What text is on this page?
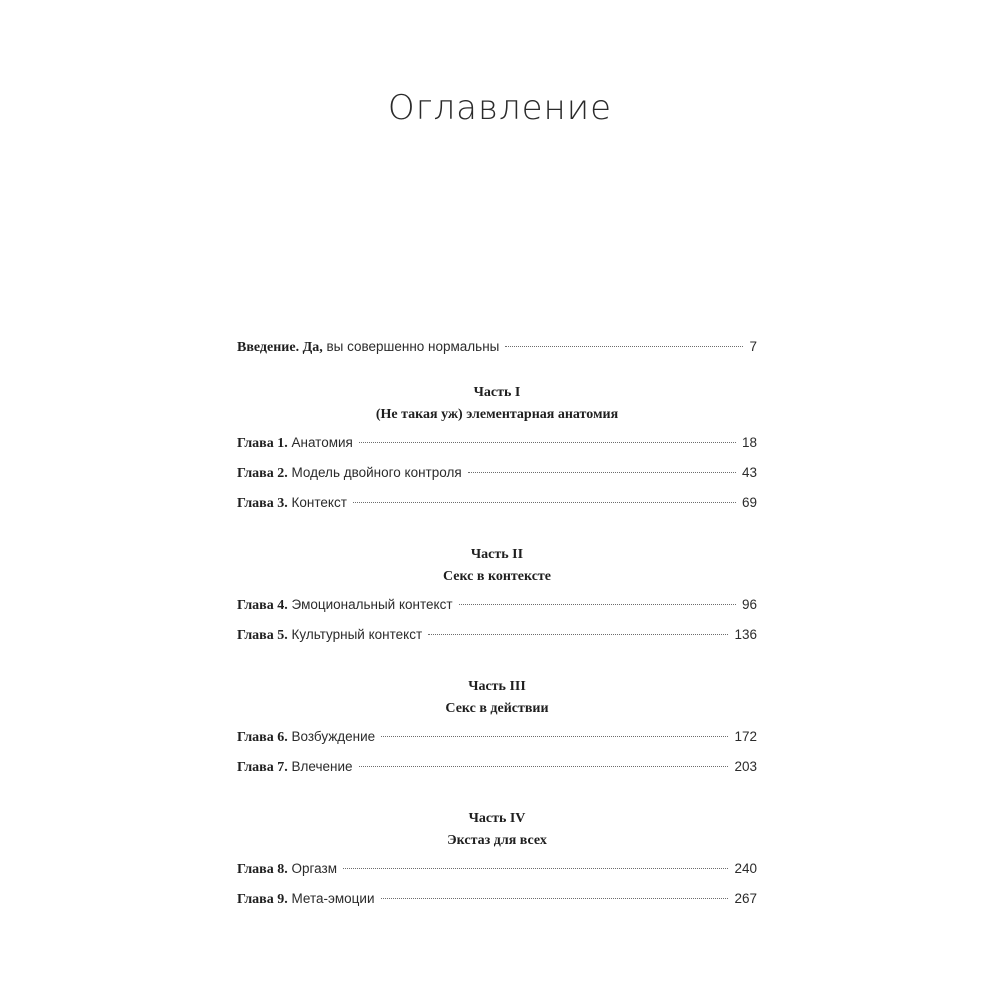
Оглавление
Введение. Да, вы совершенно нормальны	7
Часть I
(Не такая уж) элементарная анатомия
Глава 1. Анатомия	18
Глава 2. Модель двойного контроля	43
Глава 3. Контекст	69
Часть II
Секс в контексте
Глава 4. Эмоциональный контекст	96
Глава 5. Культурный контекст	136
Часть III
Секс в действии
Глава 6. Возбуждение	172
Глава 7. Влечение	203
Часть IV
Экстаз для всех
Глава 8. Оргазм	240
Глава 9. Мета-эмоции	267
